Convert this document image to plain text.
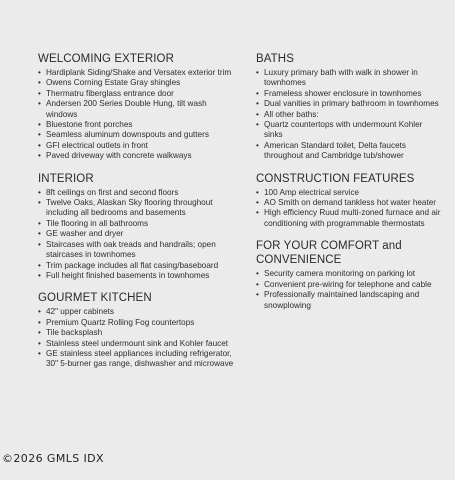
WELCOMING EXTERIOR
• Hardiplank Siding/Shake and Versatex exterior trim
• Owens Corning Estate Gray shingles
• Thermatru fiberglass entrance door
• Andersen 200 Series Double Hung, tilt wash windows
• Bluestone front porches
• Seamless aluminum downspouts and gutters
• GFI electrical outlets in front
• Paved driveway with concrete walkways
INTERIOR
• 8ft ceilings on first and second floors
• Twelve Oaks, Alaskan Sky flooring throughout including all bedrooms and basements
• Tile flooring in all bathrooms
• GE washer and dryer
• Staircases with oak treads and handrails; open staircases in townhomes
• Trim package includes all flat casing/baseboard
• Full height finished basements in townhomes
GOURMET KITCHEN
• 42" upper cabinets
• Premium Quartz Rolling Fog countertops
• Tile backsplash
• Stainless steel undermount sink and Kohler faucet
• GE stainless steel appliances including refrigerator, 30" 5-burner gas range, dishwasher and microwave
BATHS
• Luxury primary bath with walk in shower in townhomes
• Frameless shower enclosure in townhomes
• Dual vanities in primary bathroom in townhomes
• All other baths:
• Quartz countertops with undermount Kohler sinks
• American Standard toilet, Delta faucets throughout and Cambridge tub/shower
CONSTRUCTION FEATURES
• 100 Amp electrical service
• AO Smith on demand tankless hot water heater
• High efficiency Ruud multi-zoned furnace and air conditioning with programmable thermostats
FOR YOUR COMFORT and CONVENIENCE
• Security camera monitoring on parking lot
• Convenient pre-wiring for telephone and cable
• Professionally maintained landscaping and snowplowing
©2026 GMLS IDX
